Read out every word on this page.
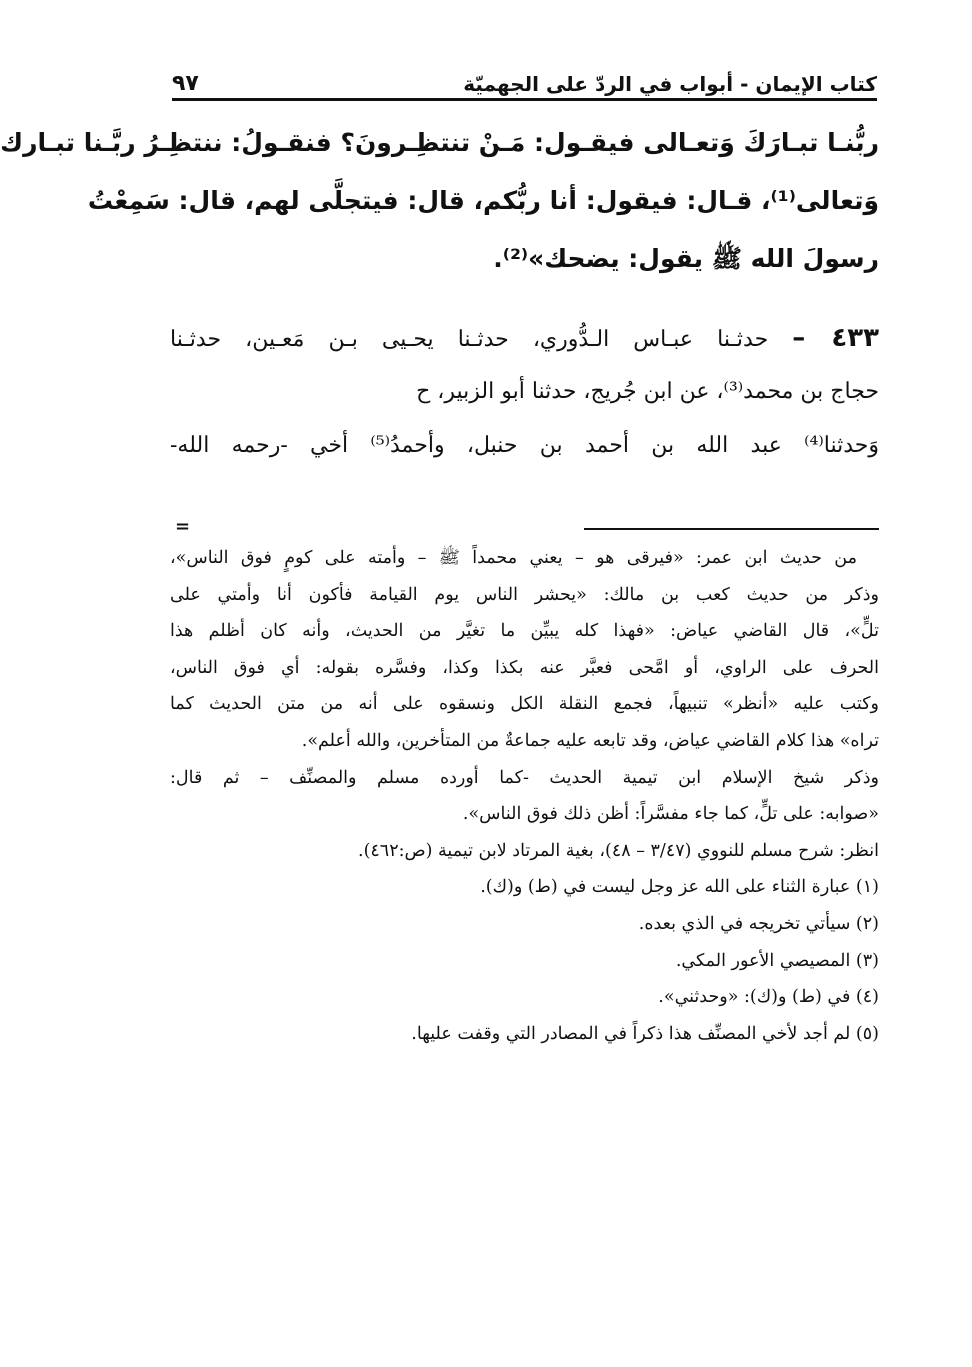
كتاب الإيمان - أبواب في الردّ على الجهميّة
٩٧
ربُّنـا تبـارَكَ وَتعـالى فيقـول: مَـنْ تنتظِـرونَ؟ فنقـولُ: ننتظِـرُ ربَّـنا تبـارك
وَتعالى⁽¹⁾، قـال: فيقول: أنا ربُّكم، قال: فيتجلَّى لهم، قال: سَمِعْتُ
رسولَ الله ﷺ يقول: يضحك»⁽²⁾.
٤٣٣ – حدثـنا عبـاس الـدُّوري، حدثـنا يحـيى بـن مَعـين، حدثـنا
حجاج بن محمد⁽³⁾، عن ابن جُريج، حدثنا أبو الزبير، ح
وَحدثنا⁽⁴⁾ عبد الله بن أحمد بن حنبل، وأحمدُ⁽⁵⁾ أخي -رحمه الله-
=
من حديث ابن عمر: «فيرقى هو – يعني محمداً ﷺ – وأمته على كومٍ فوق الناس»،
وذكر من حديث كعب بن مالك: «يحشر الناس يوم القيامة فأكون أنا وأمتي على
تلٍّ»، قال القاضي عياض: «فهذا كله يبيِّن ما تغيَّر من الحديث، وأنه كان أظلم هذا
الحرف على الراوي، أو امَّحى فعبَّر عنه بكذا وكذا، وفسَّره بقوله: أي فوق الناس،
وكتب عليه «أنظر» تنبيهاً، فجمع النقلة الكل ونسقوه على أنه من متن الحديث كما
تراه» هذا كلام القاضي عياض، وقد تابعه عليه جماعةٌ من المتأخرين، والله أعلم».
وذكر شيخ الإسلام ابن تيمية الحديث -كما أورده مسلم والمصنِّف – ثم قال:
«صوابه: على تلٍّ، كما جاء مفسَّراً: أظن ذلك فوق الناس».
انظر: شرح مسلم للنووي (٣/٤٧ – ٤٨)، بغية المرتاد لابن تيمية (ص:٤٦٢).
(١) عبارة الثناء على الله عز وجل ليست في (ط) و(ك).
(٢) سيأتي تخريجه في الذي بعده.
(٣) المصيصي الأعور المكي.
(٤) في (ط) و(ك): «وحدثني».
(٥) لم أجد لأخي المصنِّف هذا ذكراً في المصادر التي وقفت عليها.
